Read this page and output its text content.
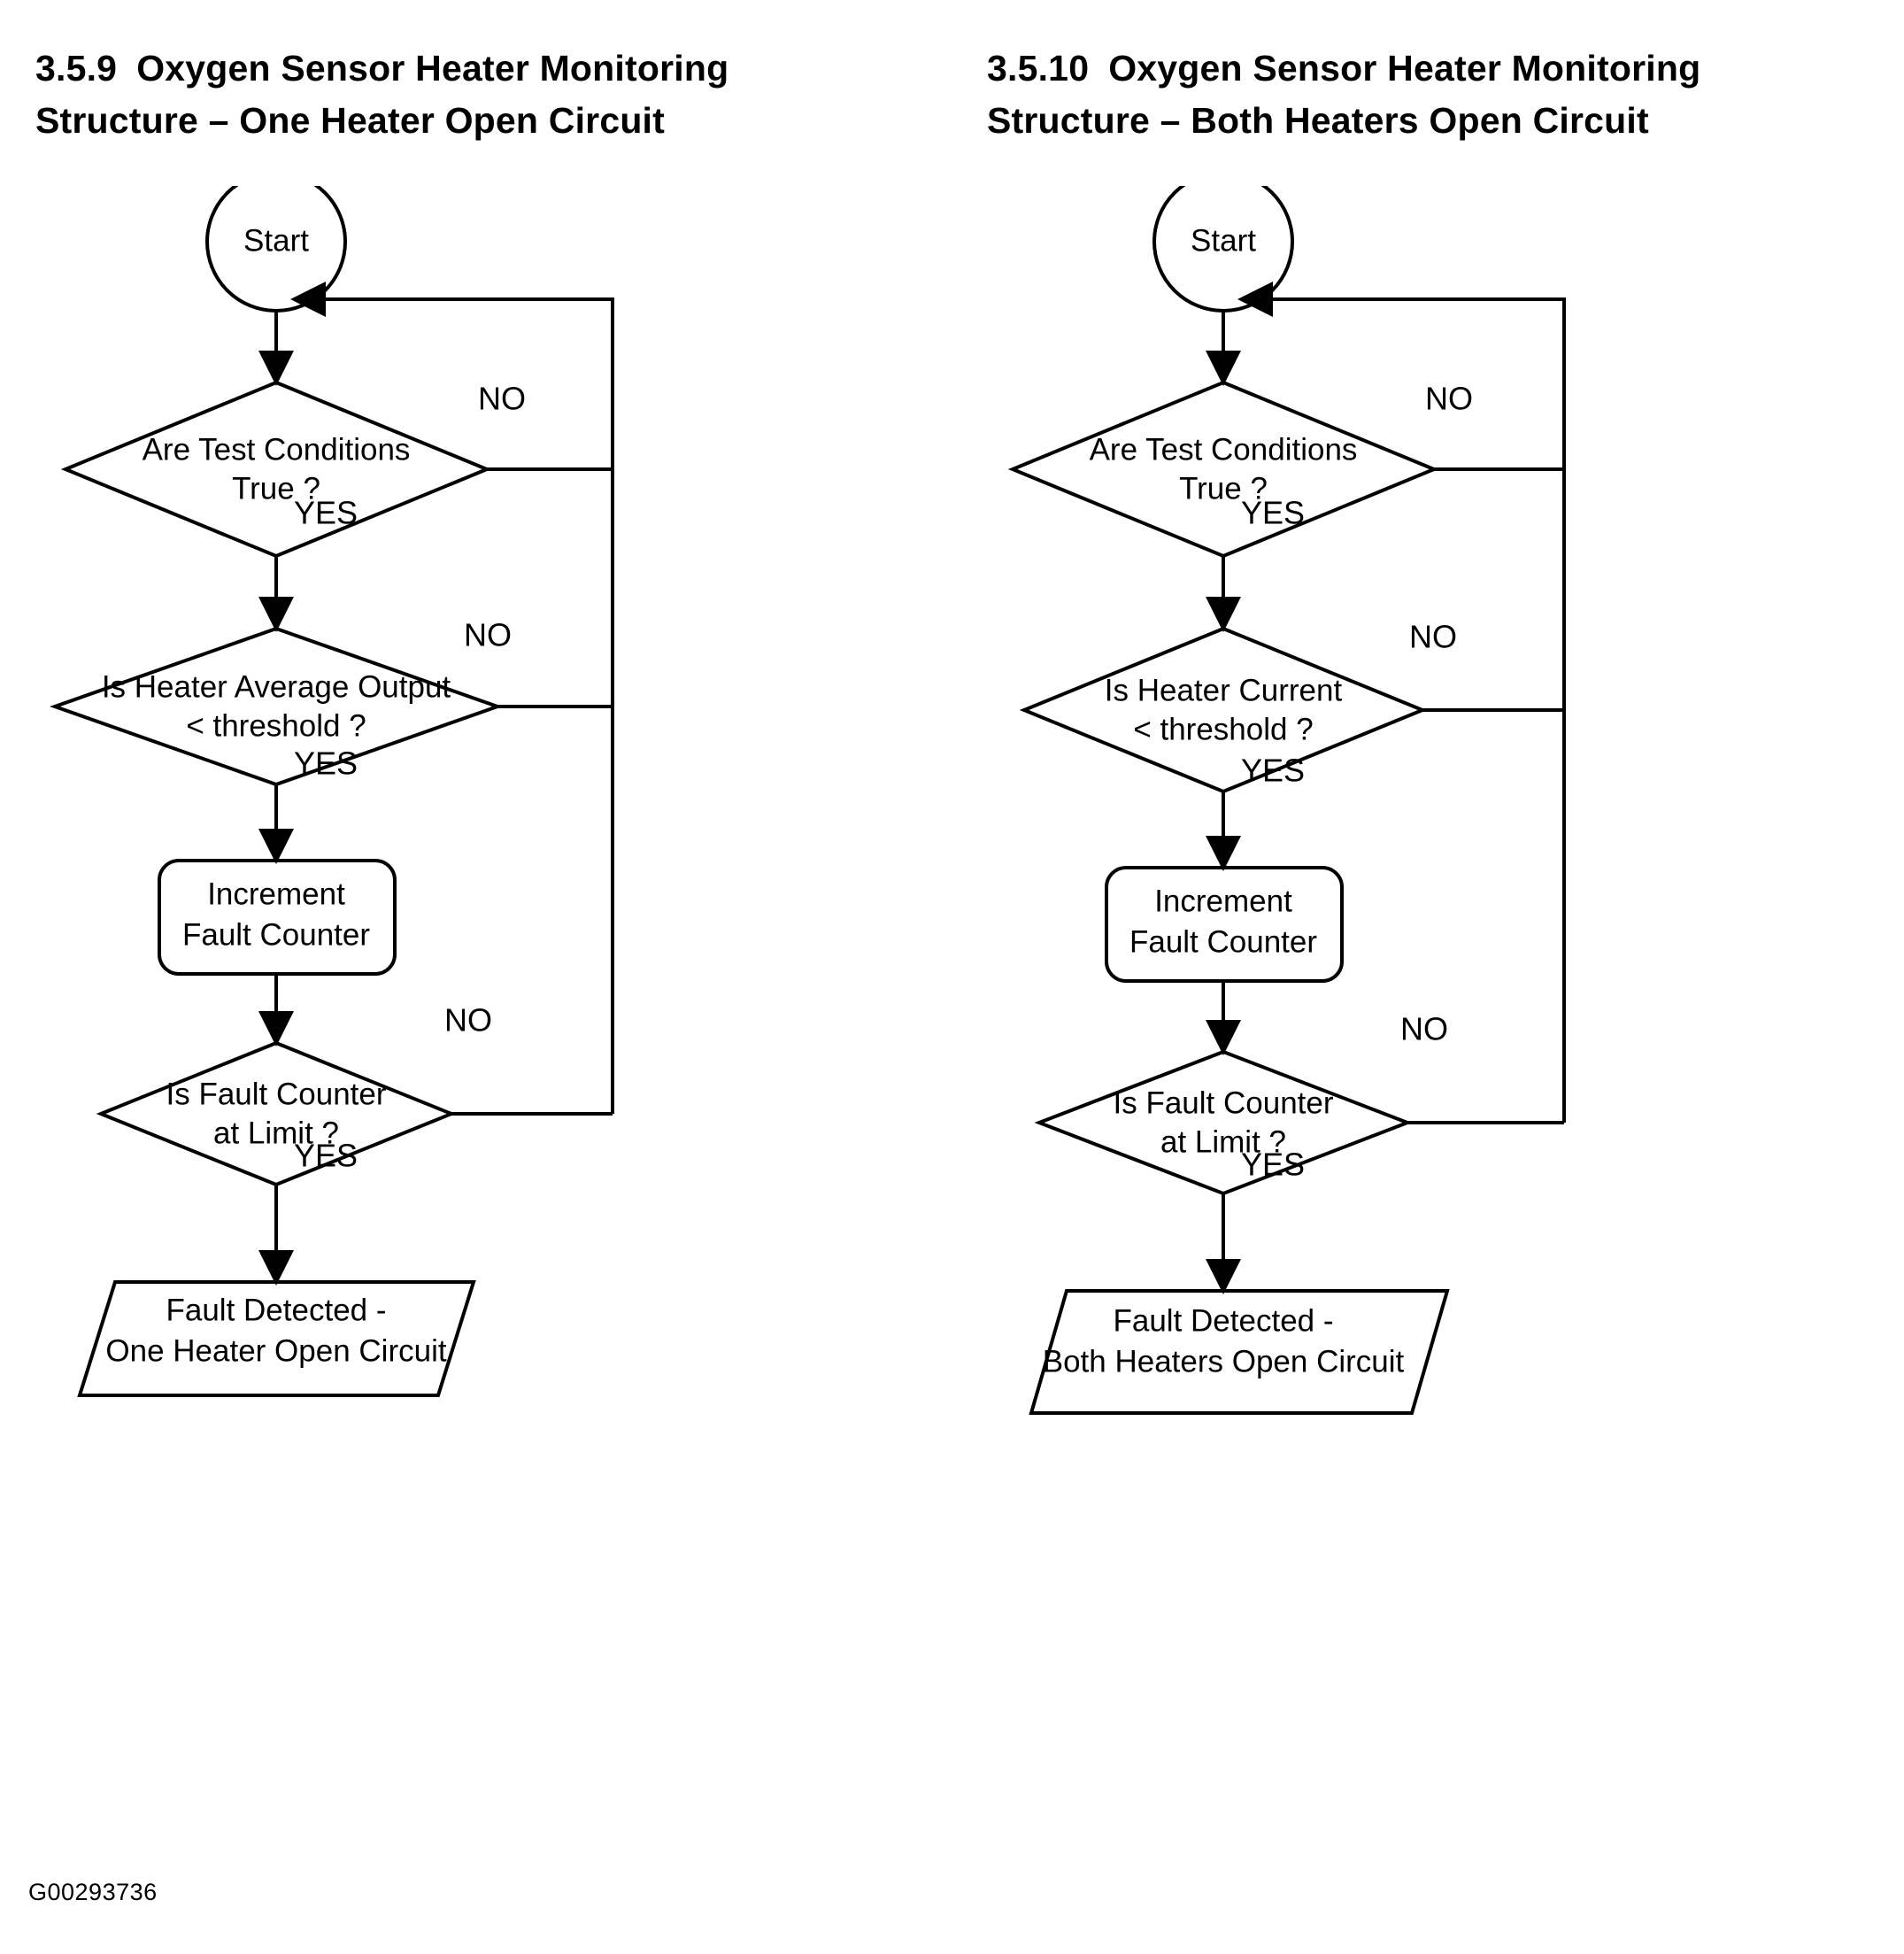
3.5.9 Oxygen Sensor Heater Monitoring
Structure – One Heater Open Circuit
Start
Are Test Conditions
True ?
Is Heater Average Output
< threshold ?
Increment
Fault Counter
Is Fault Counter
at Limit ?
Fault Detected -
One Heater Open Circuit
NO
YES
NO
YES
NO
YES
3.5.10 Oxygen Sensor Heater Monitoring
Structure – Both Heaters Open Circuit
Start
Are Test Conditions
True ?
Is Heater Current
< threshold ?
Increment
Fault Counter
Is Fault Counter
at Limit ?
Fault Detected -
Both Heaters Open Circuit
NO
YES
NO
YES
NO
YES
G00293736
